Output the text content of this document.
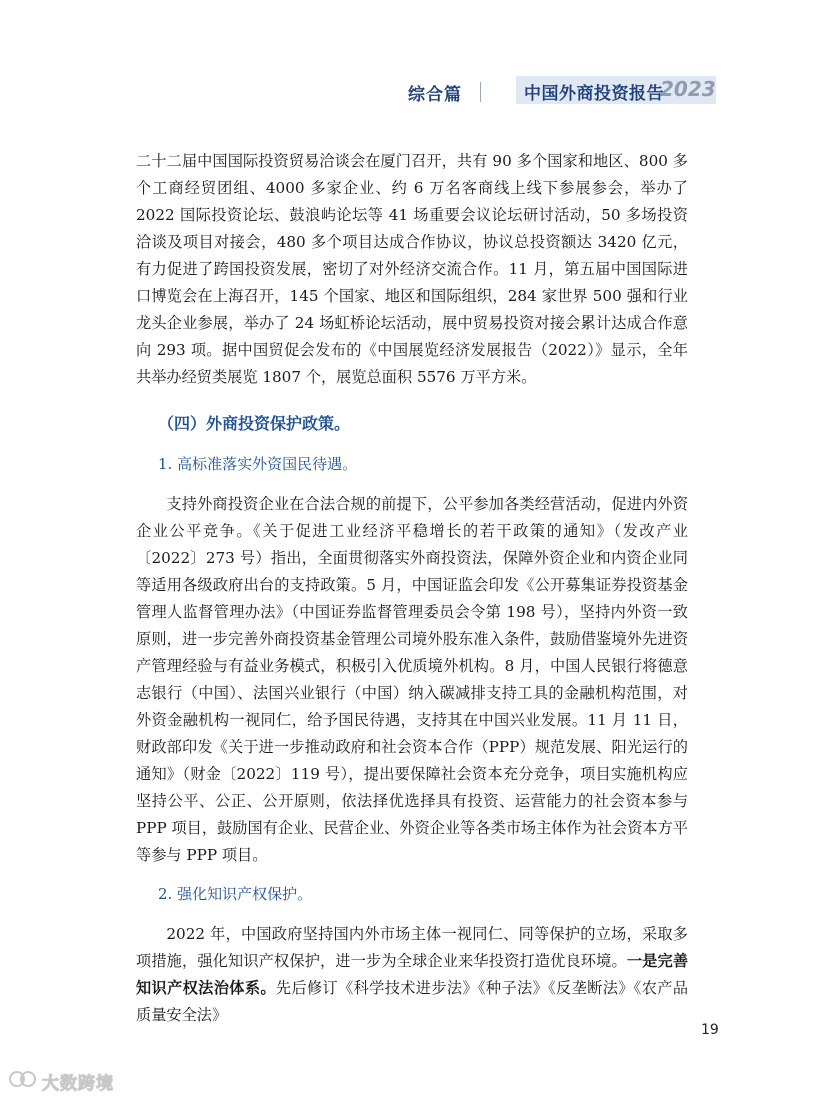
综合篇	中国外商投资报告
2023

二十二届中国国际投资贸易洽谈会在厦门召开，共有 90 多个国家和地区、800 多个工商经贸团组、4000 多家企业、约 6 万名客商线上线下参展参会，举办了 2022 国际投资论坛、鼓浪屿论坛等 41 场重要会议论坛研讨活动，50 多场投资洽谈及项目对接会，480 多个项目达成合作协议，协议总投资额达 3420 亿元，有力促进了跨国投资发展，密切了对外经济交流合作。11 月，第五届中国国际进口博览会在上海召开，145 个国家、地区和国际组织，284 家世界 500 强和行业龙头企业参展，举办了 24 场虹桥论坛活动，展中贸易投资对接会累计达成合作意向 293 项。据中国贸促会发布的《中国展览经济发展报告（2022）》显示，全年共举办经贸类展览 1807 个，展览总面积 5576 万平方米。

（四）外商投资保护政策。
1. 高标准落实外资国民待遇。

支持外商投资企业在合法合规的前提下，公平参加各类经营活动，促进内外资企业公平竞争。《关于促进工业经济平稳增长的若干政策的通知》（发改产业〔2022〕273 号）指出，全面贯彻落实外商投资法，保障外资企业和内资企业同等适用各级政府出台的支持政策。5 月，中国证监会印发《公开募集证券投资基金管理人监督管理办法》（中国证券监督管理委员会令第 198 号），坚持内外资一致原则，进一步完善外商投资基金管理公司境外股东准入条件，鼓励借鉴境外先进资产管理经验与有益业务模式，积极引入优质境外机构。8 月，中国人民银行将德意志银行（中国）、法国兴业银行（中国）纳入碳减排支持工具的金融机构范围，对外资金融机构一视同仁，给予国民待遇，支持其在中国兴业发展。11 月 11 日，财政部印发《关于进一步推动政府和社会资本合作（PPP）规范发展、阳光运行的通知》（财金〔2022〕119 号），提出要保障社会资本充分竞争，项目实施机构应坚持公平、公正、公开原则，依法择优选择具有投资、运营能力的社会资本参与 PPP 项目，鼓励国有企业、民营企业、外资企业等各类市场主体作为社会资本方平等参与 PPP 项目。

2. 强化知识产权保护。

2022 年，中国政府坚持国内外市场主体一视同仁、同等保护的立场，采取多项措施，强化知识产权保护，进一步为全球企业来华投资打造优良环境。一是完善知识产权法治体系。先后修订《科学技术进步法》《种子法》《反垄断法》《农产品质量安全法》

19
大数跨境
